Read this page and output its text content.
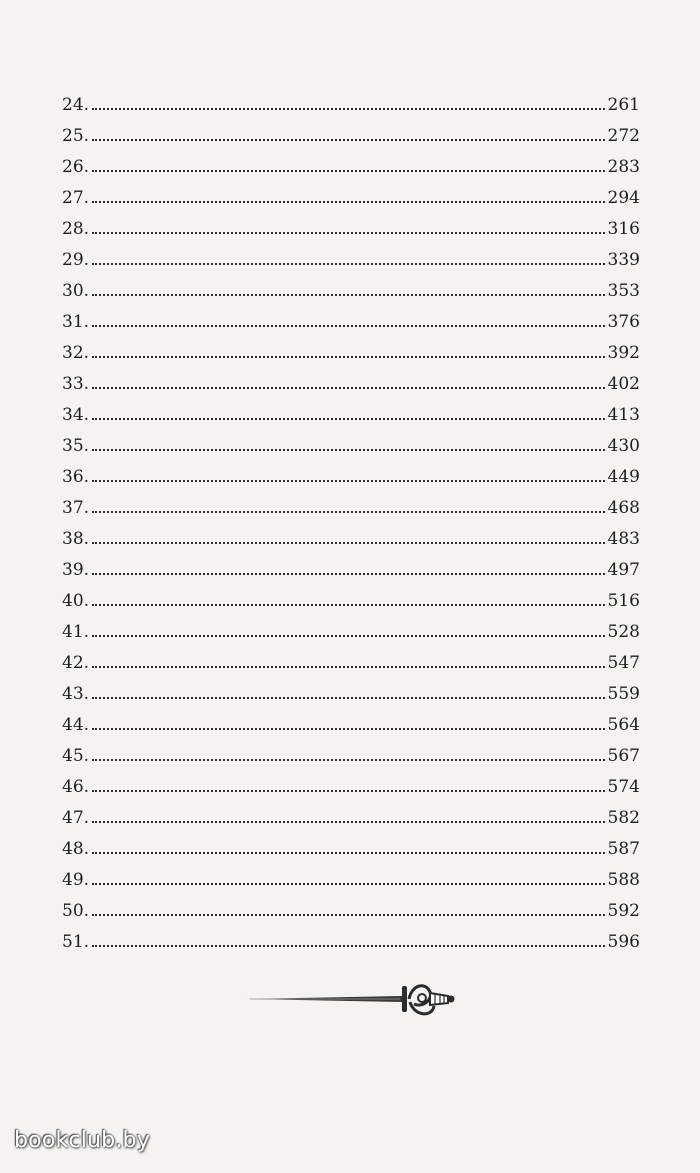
24.	261
25.	272
26.	283
27.	294
28.	316
29.	339
30.	353
31.	376
32.	392
33.	402
34.	413
35.	430
36.	449
37.	468
38.	483
39.	497
40.	516
41.	528
42.	547
43.	559
44.	564
45.	567
46.	574
47.	582
48.	587
49.	588
50.	592
51.	596
bookclub.by
